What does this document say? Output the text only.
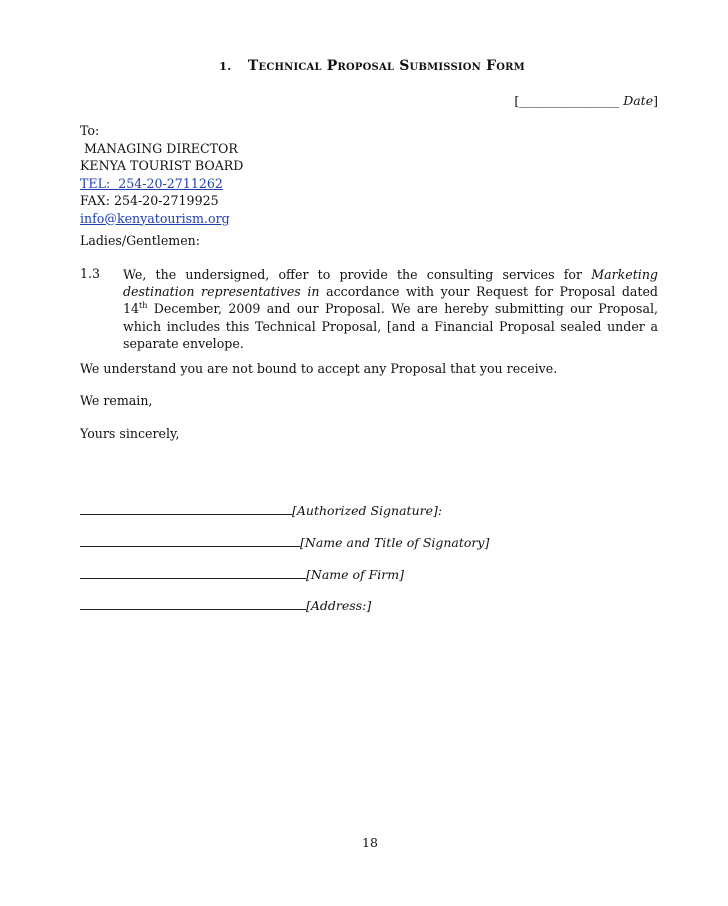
1. Technical Proposal Submission Form
[________________ Date]
To:
MANAGING DIRECTOR
KENYA TOURIST BOARD
TEL:  254-20-2711262
FAX: 254-20-2719925
info@kenyatourism.org
Ladies/Gentlemen:
1.3 We, the undersigned, offer to provide the consulting services for Marketing destination representatives in accordance with your Request for Proposal dated 14th December, 2009 and our Proposal. We are hereby submitting our Proposal, which includes this Technical Proposal, [and a Financial Proposal sealed under a separate envelope.
We understand you are not bound to accept any Proposal that you receive.
We remain,
Yours sincerely,
[Authorized Signature]:
[Name and Title of Signatory]
[Name of Firm]
[Address:]
18
